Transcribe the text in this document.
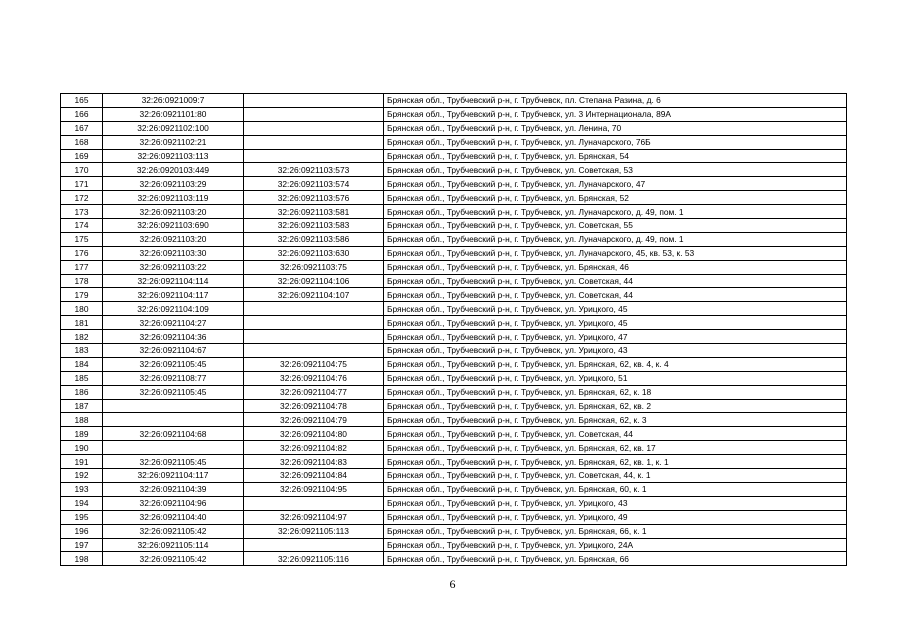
165	32:26:0921009:7		Брянская обл., Трубчевский р-н, г. Трубчевск, пл. Степана Разина, д. 6
166	32:26:0921101:80		Брянская обл., Трубчевский р-н, г. Трубчевск, ул. 3 Интернационала, 89А
167	32:26:0921102:100		Брянская обл., Трубчевский р-н, г. Трубчевск, ул. Ленина, 70
168	32:26:0921102:21		Брянская обл., Трубчевский р-н, г. Трубчевск, ул. Луначарского, 76Б
169	32:26:0921103:113		Брянская обл., Трубчевский р-н, г. Трубчевск, ул. Брянская, 54
170	32:26:0920103:449	32:26:0921103:573	Брянская обл., Трубчевский р-н, г. Трубчевск, ул. Советская, 53
171	32:26:0921103:29	32:26:0921103:574	Брянская обл., Трубчевский р-н, г. Трубчевск, ул. Луначарского, 47
172	32:26:0921103:119	32:26:0921103:576	Брянская обл., Трубчевский р-н, г. Трубчевск, ул. Брянская, 52
173	32:26:0921103:20	32:26:0921103:581	Брянская обл., Трубчевский р-н, г. Трубчевск, ул. Луначарского, д. 49, пом. 1
174	32:26:0921103:690	32:26:0921103:583	Брянская обл., Трубчевский р-н, г. Трубчевск, ул. Советская, 55
175	32:26:0921103:20	32:26:0921103:586	Брянская обл., Трубчевский р-н, г. Трубчевск, ул. Луначарского, д. 49, пом. 1
176	32:26:0921103:30	32:26:0921103:630	Брянская обл., Трубчевский р-н, г. Трубчевск, ул. Луначарского, 45, кв. 53, к. 53
177	32:26:0921103:22	32:26:0921103:75	Брянская обл., Трубчевский р-н, г. Трубчевск, ул. Брянская, 46
178	32:26:0921104:114	32:26:0921104:106	Брянская обл., Трубчевский р-н, г. Трубчевск, ул. Советская, 44
179	32:26:0921104:117	32:26:0921104:107	Брянская обл., Трубчевский р-н, г. Трубчевск, ул. Советская, 44
180	32:26:0921104:109		Брянская обл., Трубчевский р-н, г. Трубчевск, ул. Урицкого, 45
181	32:26:0921104:27		Брянская обл., Трубчевский р-н, г. Трубчевск, ул. Урицкого, 45
182	32:26:0921104:36		Брянская обл., Трубчевский р-н, г. Трубчевск, ул. Урицкого, 47
183	32:26:0921104:67		Брянская обл., Трубчевский р-н, г. Трубчевск, ул. Урицкого, 43
184	32:26:0921105:45	32:26:0921104:75	Брянская обл., Трубчевский р-н, г. Трубчевск, ул. Брянская, 62, кв. 4, к. 4
185	32:26:0921108:77	32:26:0921104:76	Брянская обл., Трубчевский р-н, г. Трубчевск, ул. Урицкого, 51
186	32:26:0921105:45	32:26:0921104:77	Брянская обл., Трубчевский р-н, г. Трубчевск, ул. Брянская, 62, к. 18
187		32:26:0921104:78	Брянская обл., Трубчевский р-н, г. Трубчевск, ул. Брянская, 62, кв. 2
188		32:26:0921104:79	Брянская обл., Трубчевский р-н, г. Трубчевск, ул. Брянская, 62, к. 3
189	32:26:0921104:68	32:26:0921104:80	Брянская обл., Трубчевский р-н, г. Трубчевск, ул. Советская, 44
190		32:26:0921104:82	Брянская обл., Трубчевский р-н, г. Трубчевск, ул. Брянская, 62, кв. 17
191	32:26:0921105:45	32:26:0921104:83	Брянская обл., Трубчевский р-н, г. Трубчевск, ул. Брянская, 62, кв. 1, к. 1
192	32:26:0921104:117	32:26:0921104:84	Брянская обл., Трубчевский р-н, г. Трубчевск, ул. Советская, 44, к. 1
193	32:26:0921104:39	32:26:0921104:95	Брянская обл., Трубчевский р-н, г. Трубчевск, ул. Брянская, 60, к. 1
194	32:26:0921104:96		Брянская обл., Трубчевский р-н, г. Трубчевск, ул. Урицкого, 43
195	32:26:0921104:40	32:26:0921104:97	Брянская обл., Трубчевский р-н, г. Трубчевск, ул. Урицкого, 49
196	32:26:0921105:42	32:26:0921105:113	Брянская обл., Трубчевский р-н, г. Трубчевск, ул. Брянская, 66, к. 1
197	32:26:0921105:114		Брянская обл., Трубчевский р-н, г. Трубчевск, ул. Урицкого, 24А
198	32:26:0921105:42	32:26:0921105:116	Брянская обл., Трубчевский р-н, г. Трубчевск, ул. Брянская, 66
6
